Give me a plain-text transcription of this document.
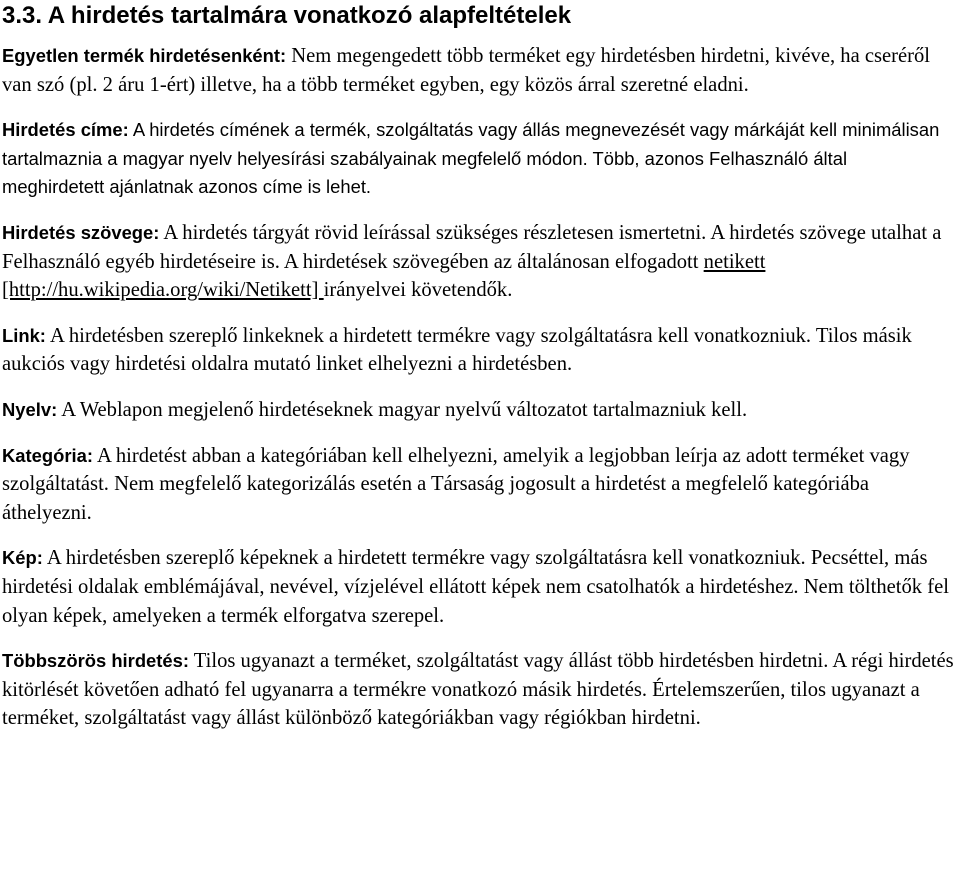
3.3. A hirdetés tartalmára vonatkozó alapfeltételek

Egyetlen termék hirdetésenként: Nem megengedett több terméket egy hirdetésben hirdetni, kivéve, ha cseréről van szó (pl. 2 áru 1-ért) illetve, ha a több terméket egyben, egy közös árral szeretné eladni.

Hirdetés címe: A hirdetés címének a termék, szolgáltatás vagy állás megnevezését vagy márkáját kell minimálisan tartalmaznia a magyar nyelv helyesírási szabályainak megfelelő módon. Több, azonos Felhasználó által meghirdetett ajánlatnak azonos címe is lehet.

Hirdetés szövege: A hirdetés tárgyát rövid leírással szükséges részletesen ismertetni. A hirdetés szövege utalhat a Felhasználó egyéb hirdetéseire is. A hirdetések szövegében az általánosan elfogadott netikett [http://hu.wikipedia.org/wiki/Netikett] irányelvei követendők.

Link: A hirdetésben szereplő linkeknek a hirdetett termékre vagy szolgáltatásra kell vonatkozniuk. Tilos másik aukciós vagy hirdetési oldalra mutató linket elhelyezni a hirdetésben.

Nyelv: A Weblapon megjelenő hirdetéseknek magyar nyelvű változatot tartalmazniuk kell.

Kategória: A hirdetést abban a kategóriában kell elhelyezni, amelyik a legjobban leírja az adott terméket vagy szolgáltatást. Nem megfelelő kategorizálás esetén a Társaság jogosult a hirdetést a megfelelő kategóriába áthelyezni.

Kép: A hirdetésben szereplő képeknek a hirdetett termékre vagy szolgáltatásra kell vonatkozniuk. Pecséttel, más hirdetési oldalak emblémájával, nevével, vízjelével ellátott képek nem csatolhatók a hirdetéshez. Nem tölthetők fel olyan képek, amelyeken a termék elforgatva szerepel.

Többszörös hirdetés: Tilos ugyanazt a terméket, szolgáltatást vagy állást több hirdetésben hirdetni. A régi hirdetés kitörlését követően adható fel ugyanarra a termékre vonatkozó másik hirdetés. Értelemszerűen, tilos ugyanazt a terméket, szolgáltatást vagy állást különböző kategóriákban vagy régiókban hirdetni.
